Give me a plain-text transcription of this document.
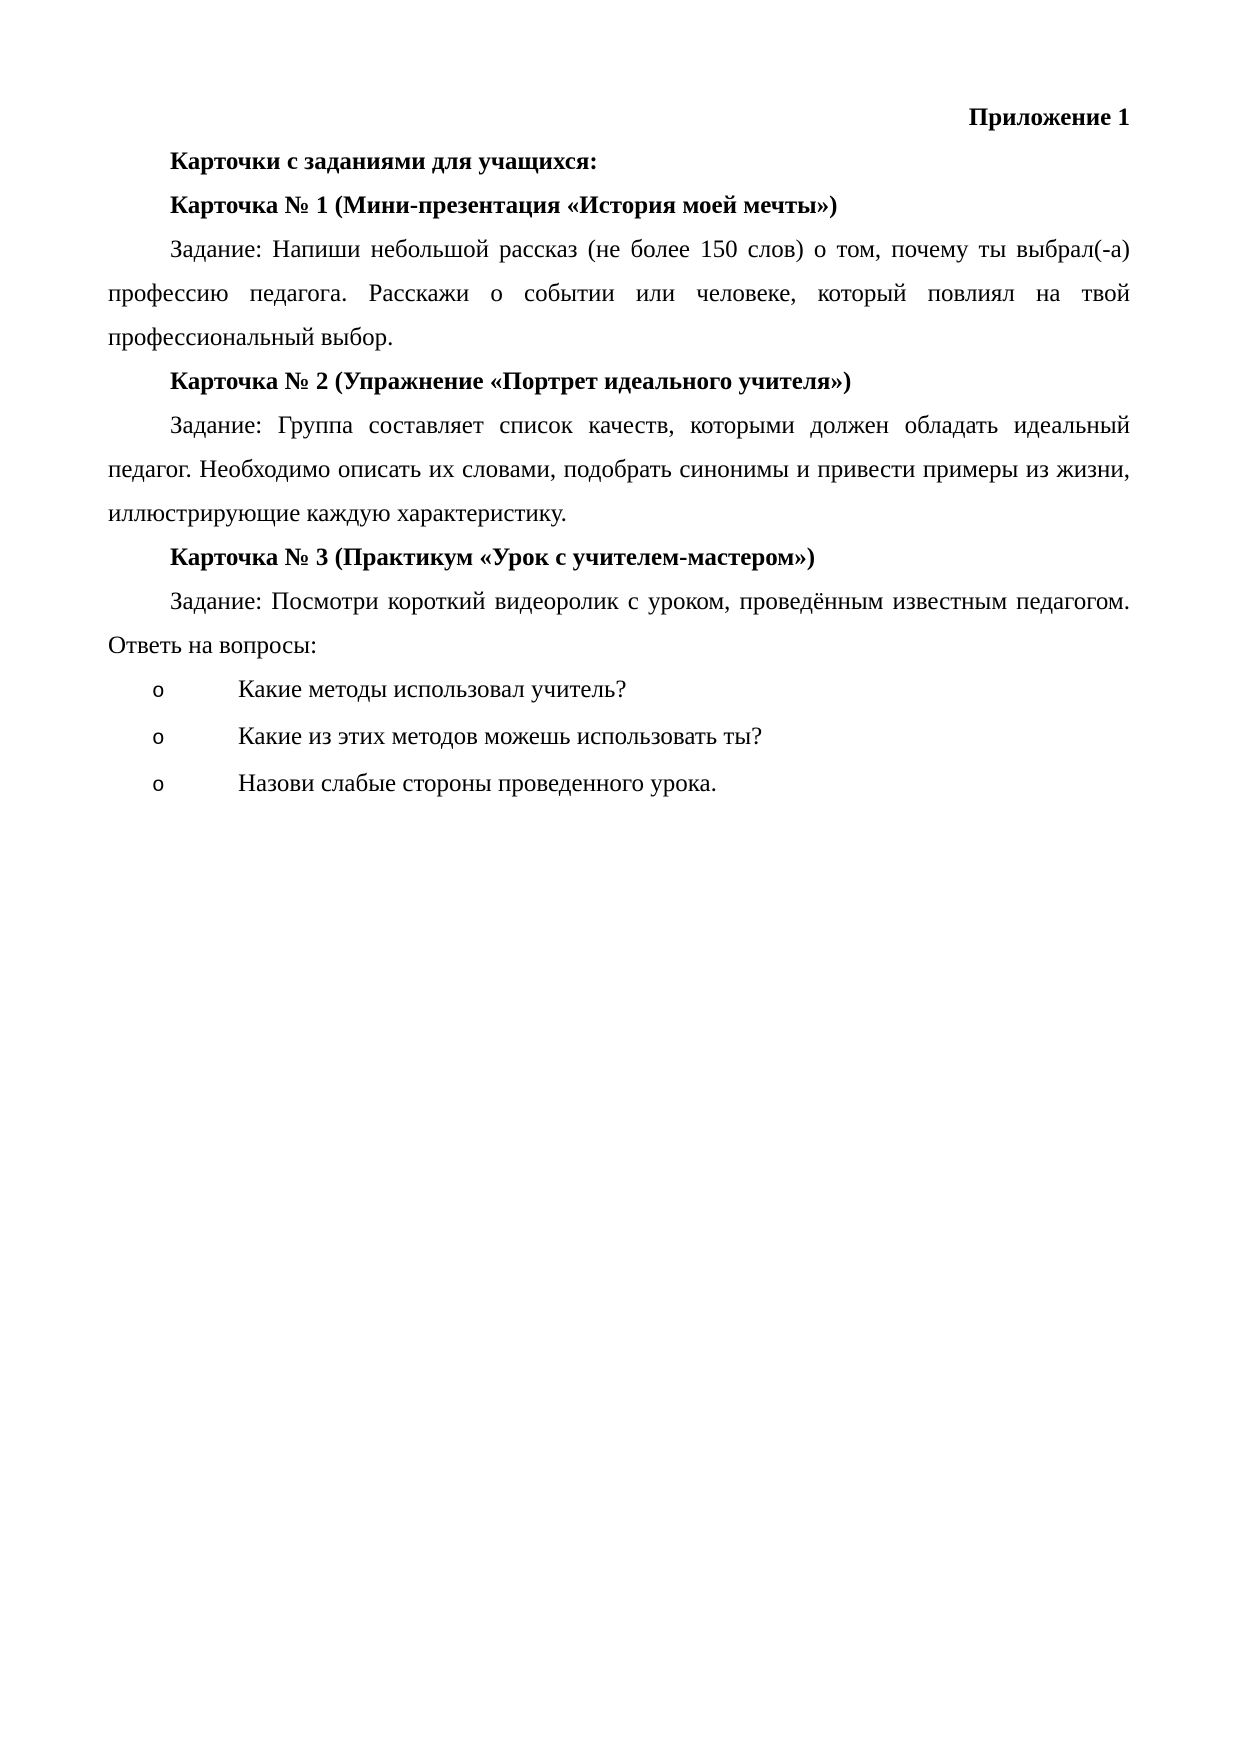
Приложение 1

Карточки с заданиями для учащихся:

Карточка № 1 (Мини-презентация «История моей мечты»)

Задание: Напиши небольшой рассказ (не более 150 слов) о том, почему ты выбрал(-а) профессию педагога. Расскажи о событии или человеке, который повлиял на твой профессиональный выбор.

Карточка № 2 (Упражнение «Портрет идеального учителя»)

Задание: Группа составляет список качеств, которыми должен обладать идеальный педагог. Необходимо описать их словами, подобрать синонимы и привести примеры из жизни, иллюстрирующие каждую характеристику.

Карточка № 3 (Практикум «Урок с учителем-мастером»)

Задание: Посмотри короткий видеоролик с уроком, проведённым известным педагогом. Ответь на вопросы:

o	Какие методы использовал учитель?
o	Какие из этих методов можешь использовать ты?
o	Назови слабые стороны проведенного урока.
